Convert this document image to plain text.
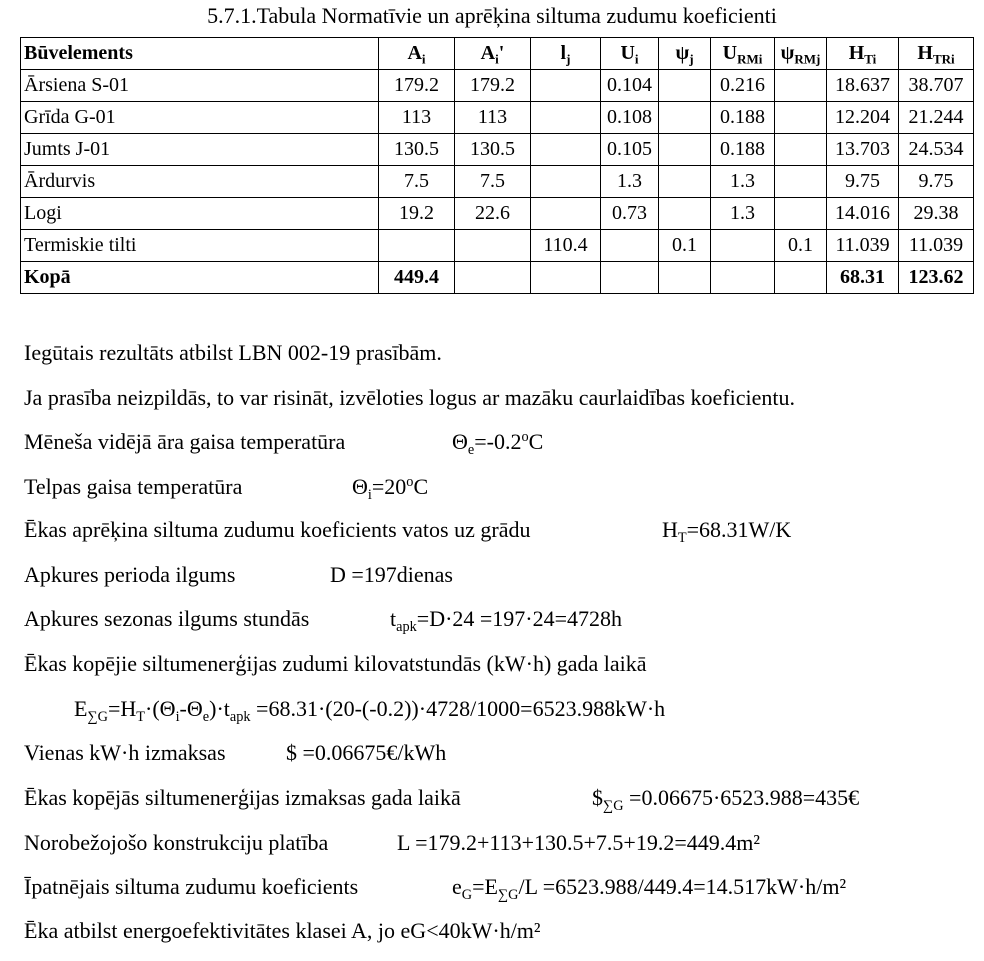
5.7.1.Tabula Normatīvie un aprēķina siltuma zudumu koeficienti
Būvelements	$A_i$	$A_i'$	$l_j$	$U_i$	$\psi_j$	$U_{RMi}$	$\psi_{RMj}$	$H_{Ti}$	$H_{TRi}$
Ārsiena S-01	179.2	179.2		0.104		0.216		18.637	38.707
Grīda G-01	113	113		0.108		0.188		12.204	21.244
Jumts J-01	130.5	130.5		0.105		0.188		13.703	24.534
Ārdurvis	7.5	7.5		1.3		1.3		9.75	9.75
Logi	19.2	22.6		0.73		1.3		14.016	29.38
Termiskie tilti			110.4		0.1		0.1	11.039	11.039
Kopā	449.4							68.31	123.62
Iegūtais rezultāts atbilst LBN 002-19 prasībām.
Ja prasība neizpildās, to var risināt, izvēloties logus ar mazāku caurlaidības koeficientu.
Mēneša vidējā āra gaisa temperatūra	$\Theta_e=-0.2^oC$
Telpas gaisa temperatūra	$\Theta_i=20^oC$
Ēkas aprēķina siltuma zudumu koeficients vatos uz grādu	$H_T=68.31W/K$
Apkures perioda ilgums	D =197dienas
Apkures sezonas ilgums stundās	$t_{apk}=D\cdot 24 =197\cdot 24=4728h$
Ēkas kopējie siltumenerģijas zudumi kilovatstundās (kW·h) gada laikā
$E_{\sum G}=H_T\cdot(\Theta_i-\Theta_e)\cdot t_{apk} =68.31\cdot(20-(-0.2))\cdot 4728/1000=6523.988kW\cdot h$
Vienas kW·h izmaksas	$ =0.06675€/kWh
Ēkas kopējās siltumenerģijas izmaksas gada laikā	$\$_{\sum G}$ =0.06675·6523.988=435€
Norobežojošo konstrukciju platība	L =179.2+113+130.5+7.5+19.2=449.4m²
Īpatnējais siltuma zudumu koeficients	$e_G=E_{\sum G}/L =6523.988/449.4=14.517kW\cdot h/m^2$
Ēka atbilst energoefektivitātes klasei A, jo eG<40kW·h/m²
